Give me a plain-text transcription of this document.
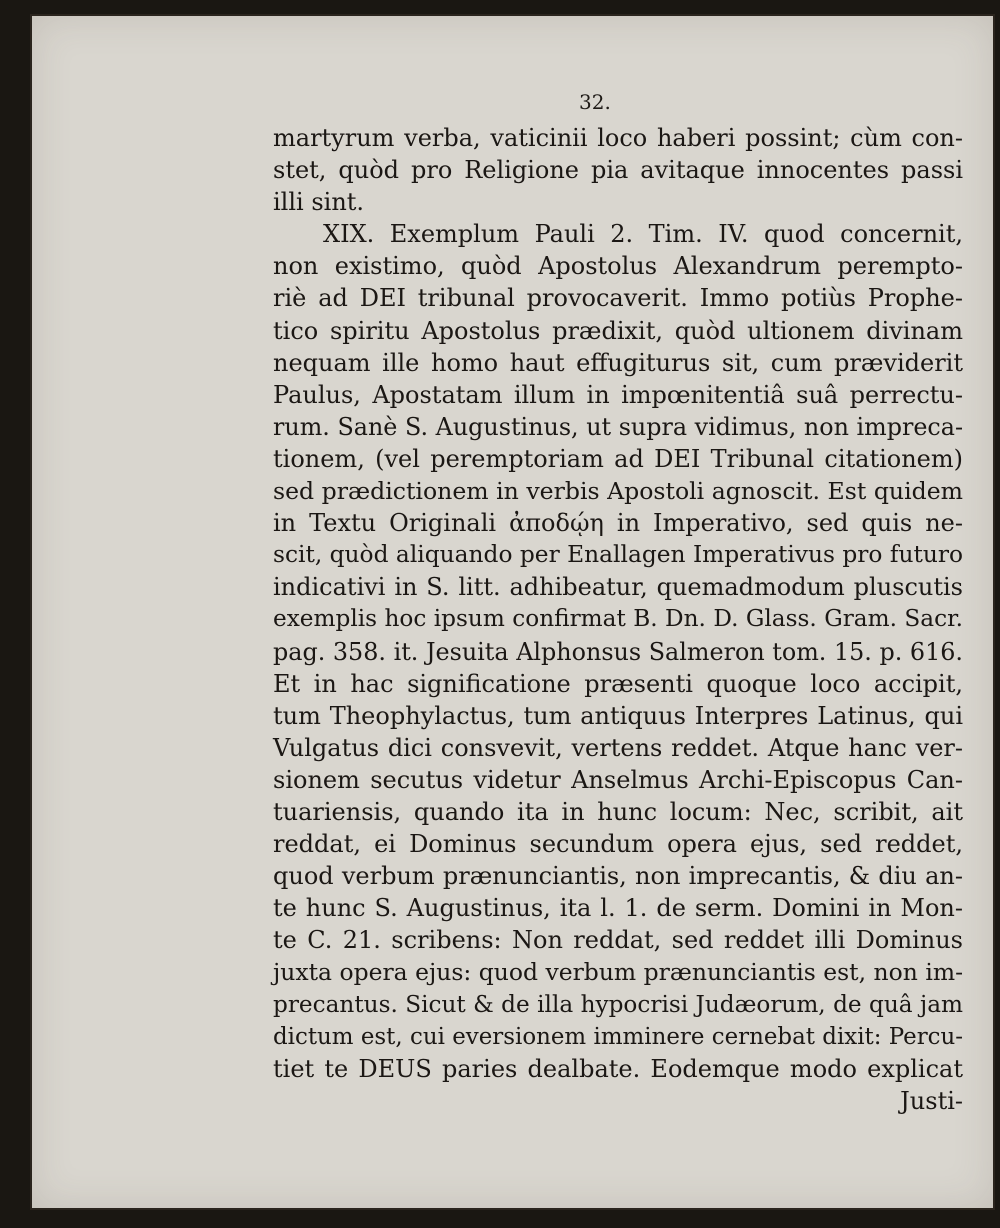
32.
martyrum verba, vaticinii loco haberi possint; cùm con-
stet, quòd pro Religione pia avitaque innocentes passi
illi sint.
XIX. Exemplum Pauli 2. Tim. IV. quod concernit,
non existimo, quòd Apostolus Alexandrum perempto-
riè ad DEI tribunal provocaverit. Immo potiùs Prophe-
tico spiritu Apostolus prædixit, quòd ultionem divinam
nequam ille homo haut effugiturus sit, cum præviderit
Paulus, Apostatam illum in impœnitentiâ suâ perrectu-
rum. Sanè S. Augustinus, ut supra vidimus, non impreca-
tionem, (vel peremptoriam ad DEI Tribunal citationem)
sed prædictionem in verbis Apostoli agnoscit. Est quidem
in Textu Originali ἀποδῴη in Imperativo, sed quis ne-
scit, quòd aliquando per Enallagen Imperativus pro futuro
indicativi in S. litt. adhibeatur, quemadmodum pluscutis
exemplis hoc ipsum confirmat B. Dn. D. Glass. Gram. Sacr.
pag. 358. it. Jesuita Alphonsus Salmeron tom. 15. p. 616.
Et in hac significatione præsenti quoque loco accipit,
tum Theophylactus, tum antiquus Interpres Latinus, qui
Vulgatus dici consvevit, vertens reddet. Atque hanc ver-
sionem secutus videtur Anselmus Archi-Episcopus Can-
tuariensis, quando ita in hunc locum: Nec, scribit, ait
reddat, ei Dominus secundum opera ejus, sed reddet,
quod verbum prænunciantis, non imprecantis, & diu an-
te hunc S. Augustinus, ita l. 1. de serm. Domini in Mon-
te C. 21. scribens: Non reddat, sed reddet illi Dominus
juxta opera ejus: quod verbum prænunciantis est, non im-
precantus. Sicut & de illa hypocrisi Judæorum, de quâ jam
dictum est, cui eversionem imminere cernebat dixit: Percu-
tiet te DEUS paries dealbate. Eodemque modo explicat
Justi-
